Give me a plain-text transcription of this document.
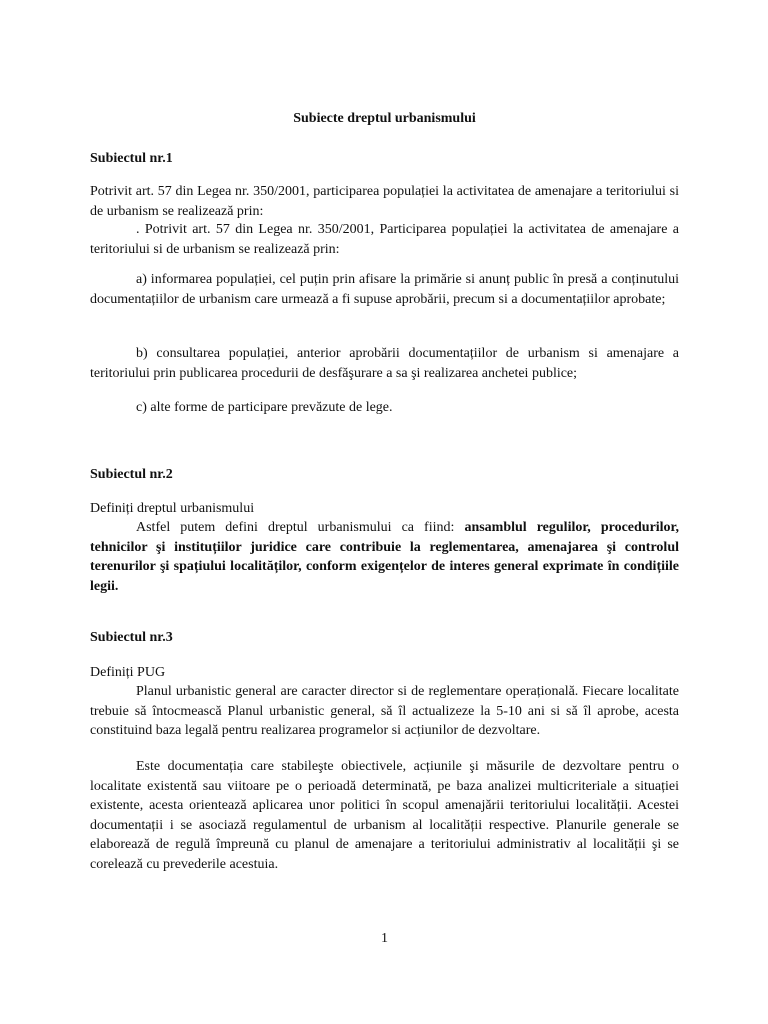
Subiecte dreptul urbanismului
Subiectul nr.1
Potrivit art. 57 din Legea nr. 350/2001, participarea populației la activitatea de amenajare a teritoriului si de urbanism se realizează prin:
. Potrivit art. 57 din Legea nr. 350/2001, Participarea populației la activitatea de amenajare a teritoriului si de urbanism se realizează prin:
a) informarea populației, cel puțin prin afisare la primărie si anunț public în presă a conținutului documentațiilor de urbanism care urmează a fi supuse aprobării, precum si a documentațiilor aprobate;
b) consultarea populației, anterior aprobării documentațiilor de urbanism si amenajare a teritoriului prin publicarea procedurii de desfăşurare a sa şi realizarea anchetei publice;
c) alte forme de participare prevăzute de lege.
Subiectul nr.2
Definiți dreptul urbanismului
Astfel putem defini dreptul urbanismului ca fiind: ansamblul regulilor, procedurilor, tehnicilor şi instituțiilor juridice care contribuie la reglementarea, amenajarea şi controlul terenurilor şi spațiului localităților, conform exigențelor de interes general exprimate în condițiile legii.
Subiectul nr.3
Definiți PUG
Planul urbanistic general are caracter director si de reglementare operațională. Fiecare localitate trebuie să întocmească Planul urbanistic general, să îl actualizeze la 5-10 ani si să îl aprobe, acesta constituind baza legală pentru realizarea programelor si acțiunilor de dezvoltare.
Este documentația care stabileşte obiectivele, acțiunile şi măsurile de dezvoltare pentru o localitate existentă sau viitoare pe o perioadă determinată, pe baza analizei multicriteriale a situației existente, acesta orientează aplicarea unor politici în scopul amenajării teritoriului localității. Acestei documentații i se asociază regulamentul de urbanism al localității respective. Planurile generale se elaborează de regulă împreună cu planul de amenajare a teritoriului administrativ al localității şi se corelează cu prevederile acestuia.
1
